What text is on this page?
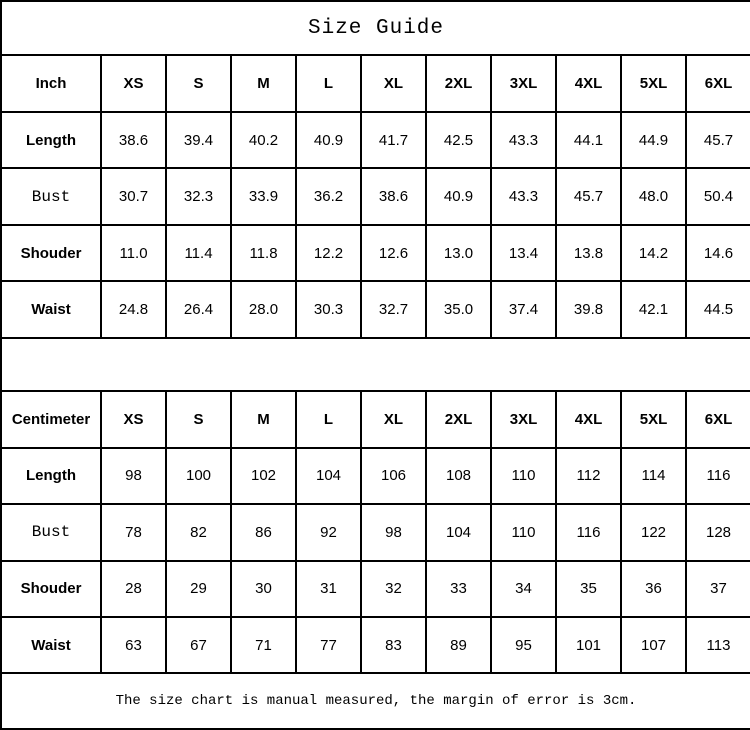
Size Guide										
Inch	XS	S	M	L	XL	2XL	3XL	4XL	5XL	6XL
Length	38.6	39.4	40.2	40.9	41.7	42.5	43.3	44.1	44.9	45.7
Bust	30.7	32.3	33.9	36.2	38.6	40.9	43.3	45.7	48.0	50.4
Shouder	11.0	11.4	11.8	12.2	12.6	13.0	13.4	13.8	14.2	14.6
Waist	24.8	26.4	28.0	30.3	32.7	35.0	37.4	39.8	42.1	44.5

Centimeter	XS	S	M	L	XL	2XL	3XL	4XL	5XL	6XL
Length	98	100	102	104	106	108	110	112	114	116
Bust	78	82	86	92	98	104	110	116	122	128
Shouder	28	29	30	31	32	33	34	35	36	37
Waist	63	67	71	77	83	89	95	101	107	113
The size chart is manual measured, the margin of error is 3cm.										
